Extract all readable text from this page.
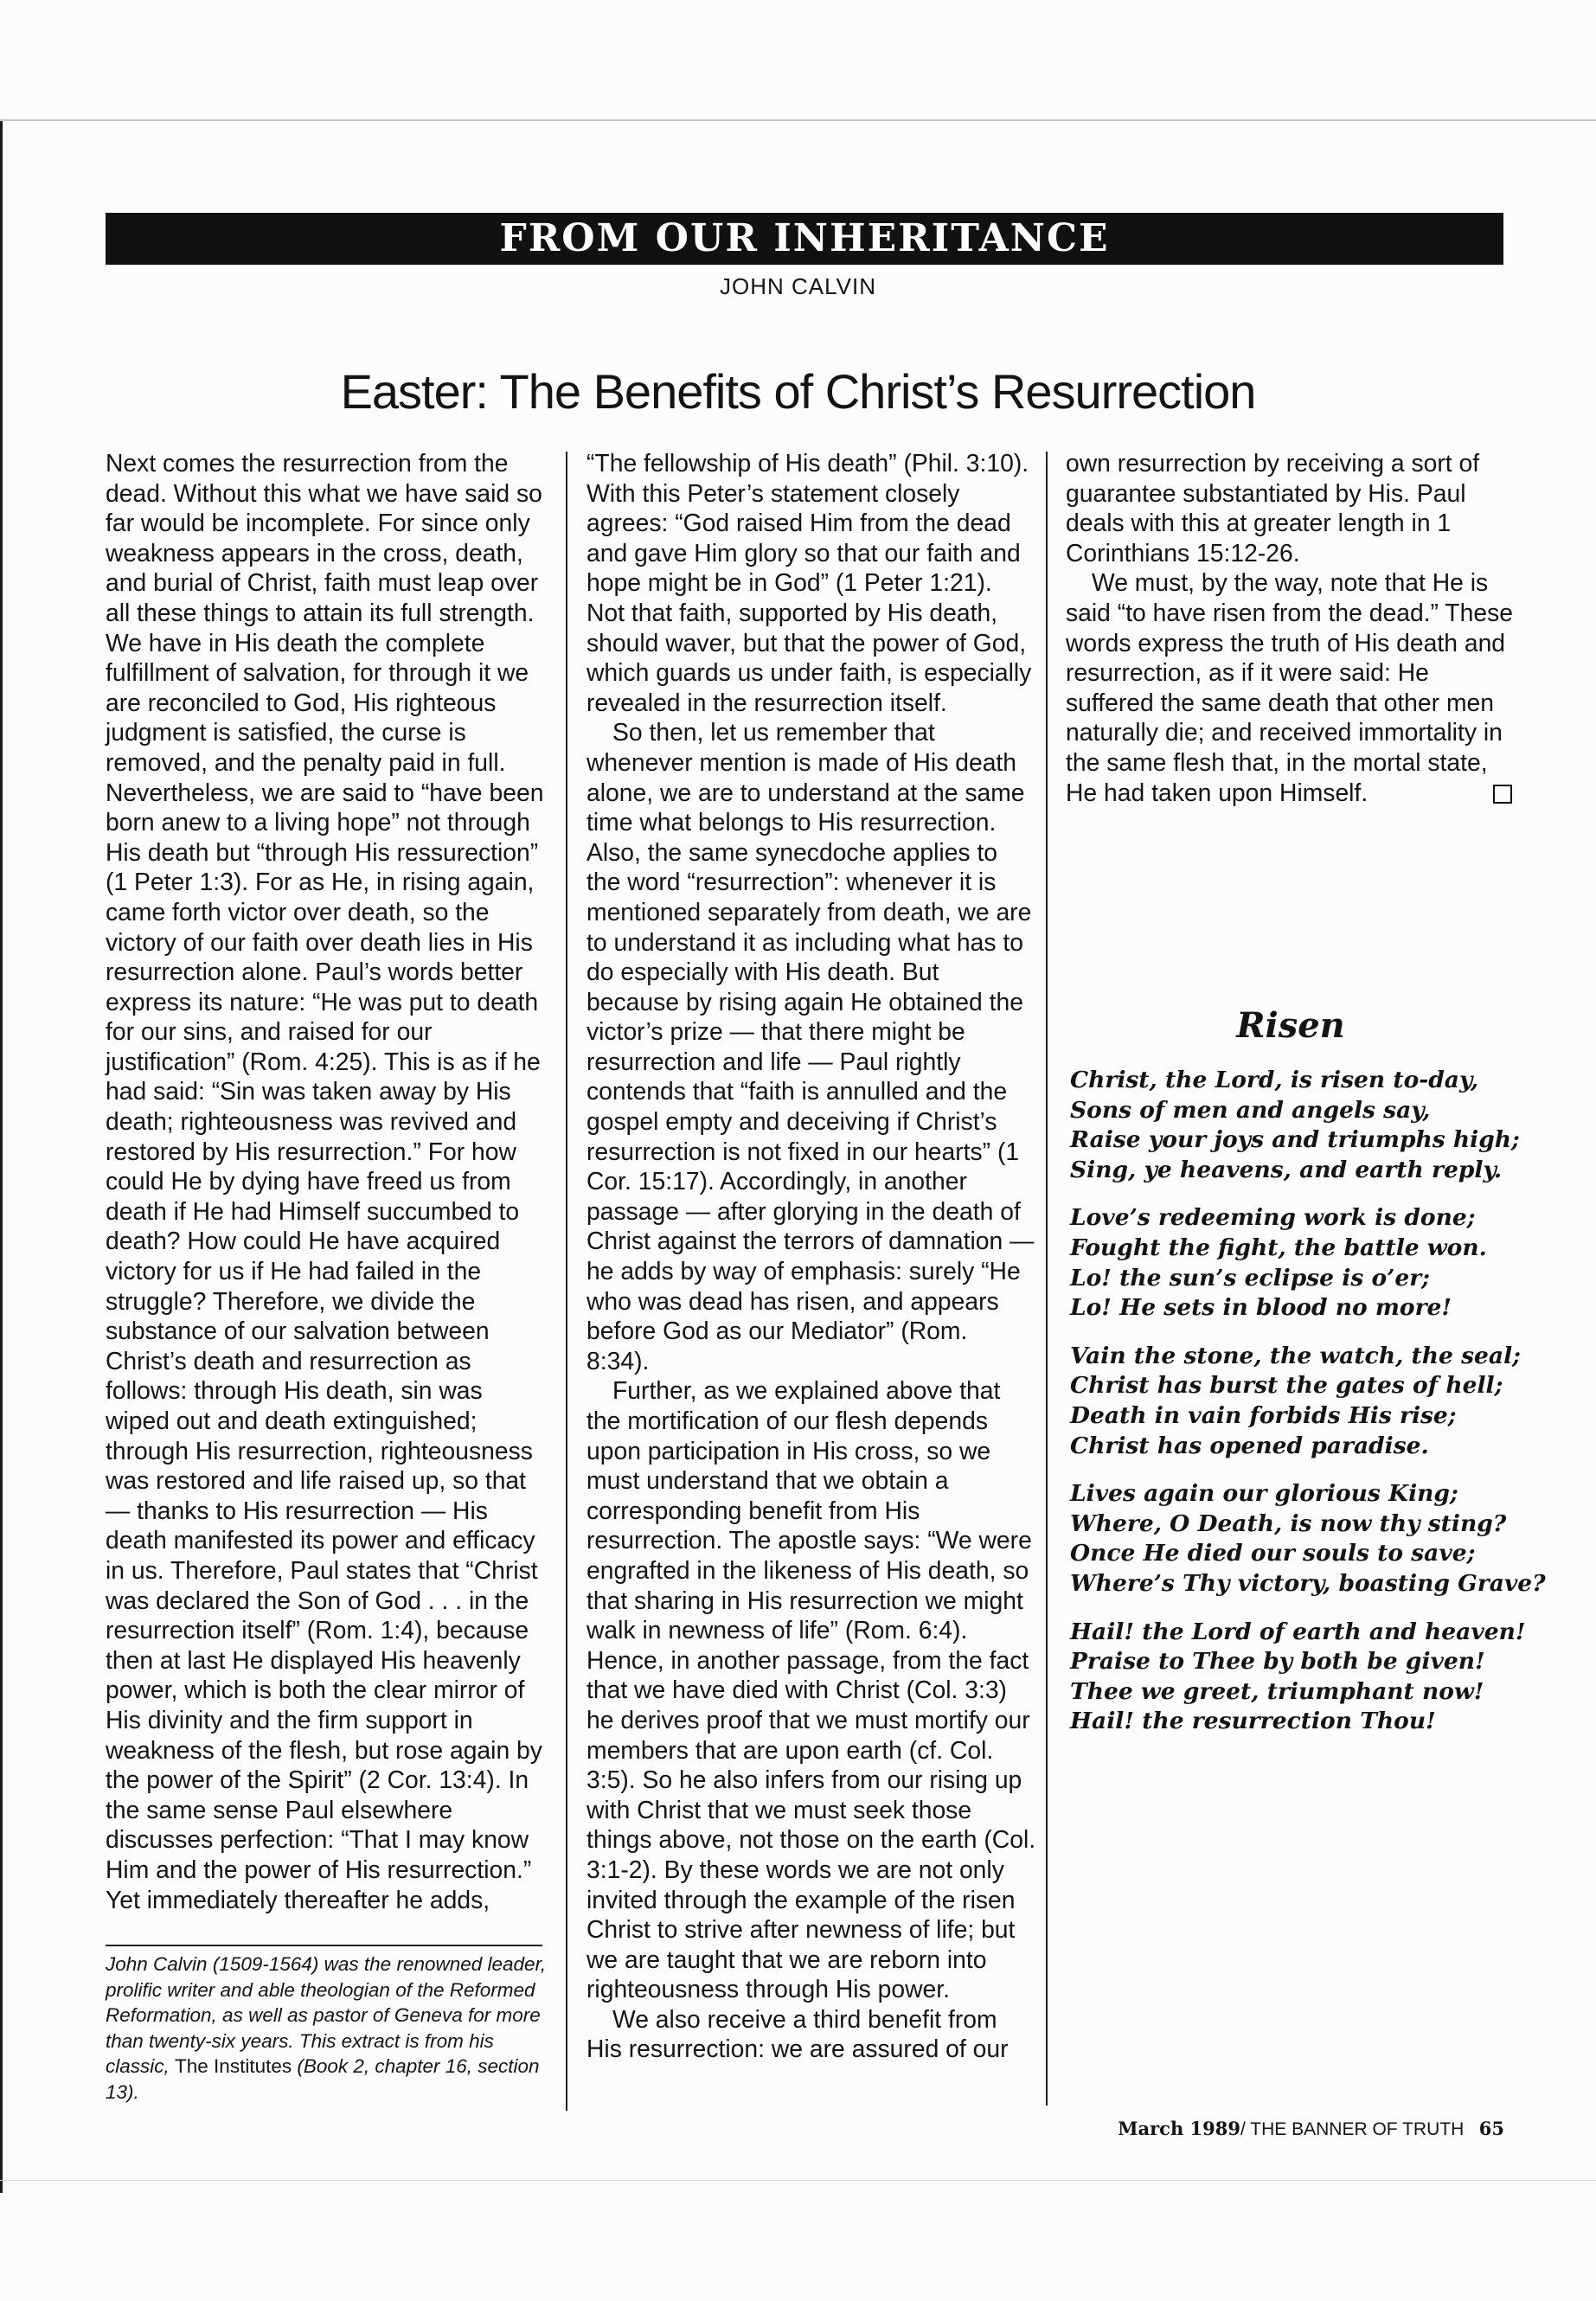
FROM OUR INHERITANCE
JOHN CALVIN
Easter: The Benefits of Christ’s Resurrection

Next comes the resurrection from the dead. Without this what we have said so far would be incomplete. For since only weakness appears in the cross, death, and burial of Christ, faith must leap over all these things to attain its full strength. We have in His death the complete fulfillment of salvation, for through it we are reconciled to God, His righteous judgment is satisfied, the curse is removed, and the penalty paid in full. Nevertheless, we are said to “have been born anew to a living hope” not through His death but “through His ressurection” (1 Peter 1:3). For as He, in rising again, came forth victor over death, so the victory of our faith over death lies in His resurrection alone. Paul’s words better express its nature: “He was put to death for our sins, and raised for our justification” (Rom. 4:25). This is as if he had said: “Sin was taken away by His death; righteousness was revived and restored by His resurrection.” For how could He by dying have freed us from death if He had Himself succumbed to death? How could He have acquired victory for us if He had failed in the struggle? Therefore, we divide the substance of our salvation between Christ’s death and resurrection as follows: through His death, sin was wiped out and death extinguished; through His resurrection, righteousness was restored and life raised up, so that — thanks to His resurrection — His death manifested its power and efficacy in us. Therefore, Paul states that “Christ was declared the Son of God . . . in the resurrection itself” (Rom. 1:4), because then at last He displayed His heavenly power, which is both the clear mirror of His divinity and the firm support in weakness of the flesh, but rose again by the power of the Spirit” (2 Cor. 13:4). In the same sense Paul elsewhere discusses perfection: “That I may know Him and the power of His resurrection.” Yet immediately thereafter he adds,

“The fellowship of His death” (Phil. 3:10). With this Peter’s statement closely agrees: “God raised Him from the dead and gave Him glory so that our faith and hope might be in God” (1 Peter 1:21). Not that faith, supported by His death, should waver, but that the power of God, which guards us under faith, is especially revealed in the resurrection itself.

So then, let us remember that whenever mention is made of His death alone, we are to understand at the same time what belongs to His resurrection. Also, the same synecdoche applies to the word “resurrection”: whenever it is mentioned separately from death, we are to understand it as including what has to do especially with His death. But because by rising again He obtained the victor’s prize — that there might be resurrection and life — Paul rightly contends that “faith is annulled and the gospel empty and deceiving if Christ’s resurrection is not fixed in our hearts” (1 Cor. 15:17). Accordingly, in another passage — after glorying in the death of Christ against the terrors of damnation — he adds by way of emphasis: surely “He who was dead has risen, and appears before God as our Mediator” (Rom. 8:34).

Further, as we explained above that the mortification of our flesh depends upon participation in His cross, so we must understand that we obtain a corresponding benefit from His resurrection. The apostle says: “We were engrafted in the likeness of His death, so that sharing in His resurrection we might walk in newness of life” (Rom. 6:4). Hence, in another passage, from the fact that we have died with Christ (Col. 3:3) he derives proof that we must mortify our members that are upon earth (cf. Col. 3:5). So he also infers from our rising up with Christ that we must seek those things above, not those on the earth (Col. 3:1-2). By these words we are not only invited through the example of the risen Christ to strive after newness of life; but we are taught that we are reborn into righteousness through His power.

We also receive a third benefit from His resurrection: we are assured of our

own resurrection by receiving a sort of guarantee substantiated by His. Paul deals with this at greater length in 1 Corinthians 15:12-26.

We must, by the way, note that He is said “to have risen from the dead.” These words express the truth of His death and resurrection, as if it were said: He suffered the same death that other men naturally die; and received immortality in the same flesh that, in the mortal state, He had taken upon Himself.

John Calvin (1509-1564) was the renowned leader, prolific writer and able theologian of the Reformed Reformation, as well as pastor of Geneva for more than twenty-six years. This extract is from his classic, The Institutes (Book 2, chapter 16, section 13).
Risen
Christ, the Lord, is risen to-day,
Sons of men and angels say,
Raise your joys and triumphs high;
Sing, ye heavens, and earth reply.
Love’s redeeming work is done;
Fought the fight, the battle won.
Lo! the sun’s eclipse is o’er;
Lo! He sets in blood no more!
Vain the stone, the watch, the seal;
Christ has burst the gates of hell;
Death in vain forbids His rise;
Christ has opened paradise.
Lives again our glorious King;
Where, O Death, is now thy sting?
Once He died our souls to save;
Where’s Thy victory, boasting Grave?
Hail! the Lord of earth and heaven!
Praise to Thee by both be given!
Thee we greet, triumphant now!
Hail! the resurrection Thou!
March 1989/ THE BANNER OF TRUTH 65
